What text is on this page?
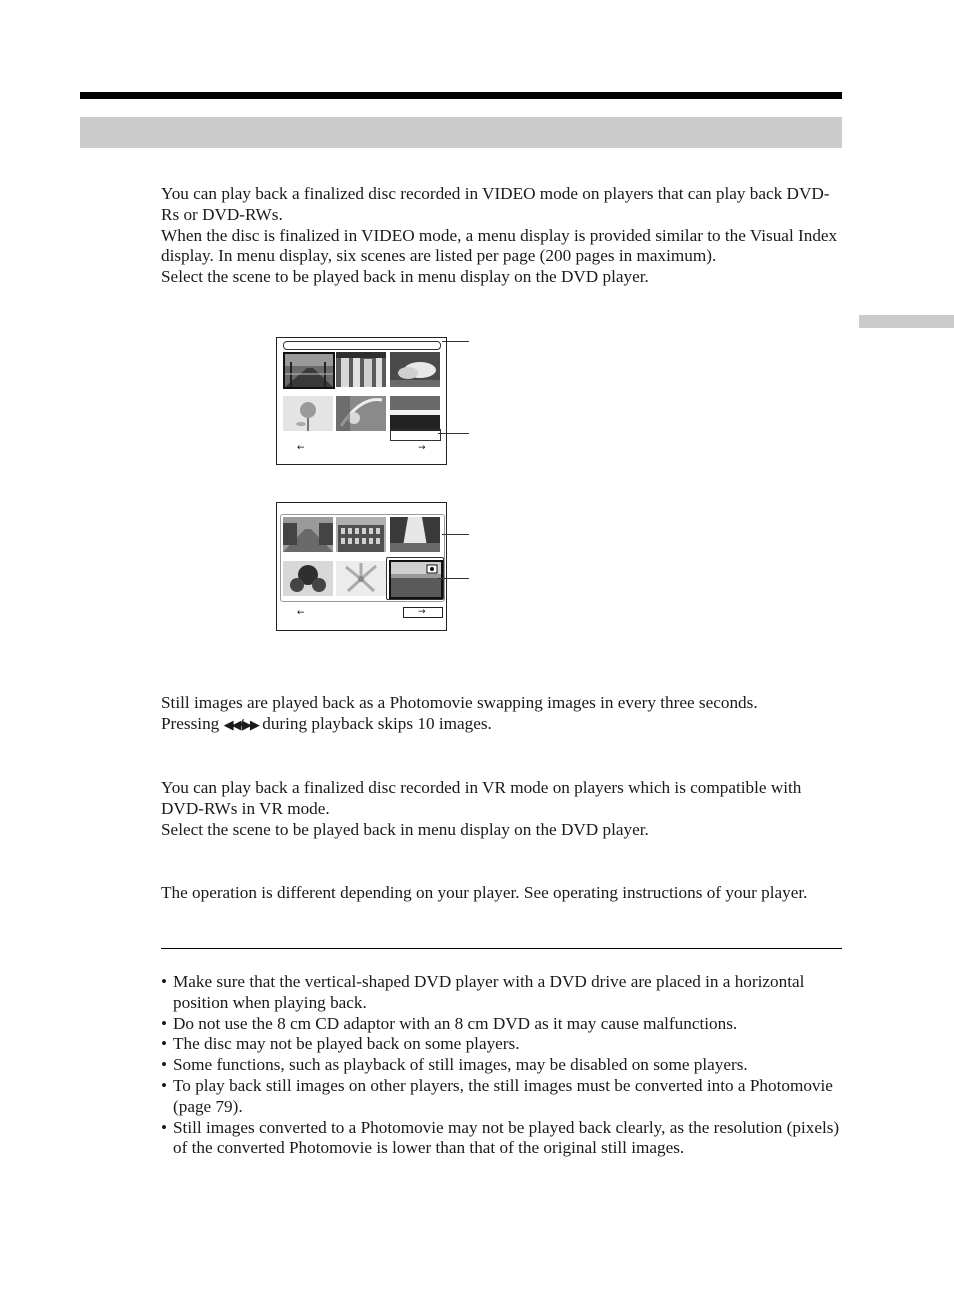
You can play back a finalized disc recorded in VIDEO mode on players that can play back DVD-Rs or DVD-RWs.

When the disc is finalized in VIDEO mode, a menu display is provided similar to the Visual Index display. In menu display, six scenes are listed per page (200 pages in maximum).

Select the scene to be played back in menu display on the DVD player.

←	→
←	→

Still images are played back as a Photomovie swapping images in every three seconds.

Pressing ◀◀/▶▶ during playback skips 10 images.

You can play back a finalized disc recorded in VR mode on players which is compatible with DVD-RWs in VR mode.

Select the scene to be played back in menu display on the DVD player.

The operation is different depending on your player. See operating instructions of your player.

• Make sure that the vertical-shaped DVD player with a DVD drive are placed in a horizontal position when playing back.
• Do not use the 8 cm CD adaptor with an 8 cm DVD as it may cause malfunctions.
• The disc may not be played back on some players.
• Some functions, such as playback of still images, may be disabled on some players.
• To play back still images on other players, the still images must be converted into a Photomovie (page 79).
• Still images converted to a Photomovie may not be played back clearly, as the resolution (pixels) of the converted Photomovie is lower than that of the original still images.
